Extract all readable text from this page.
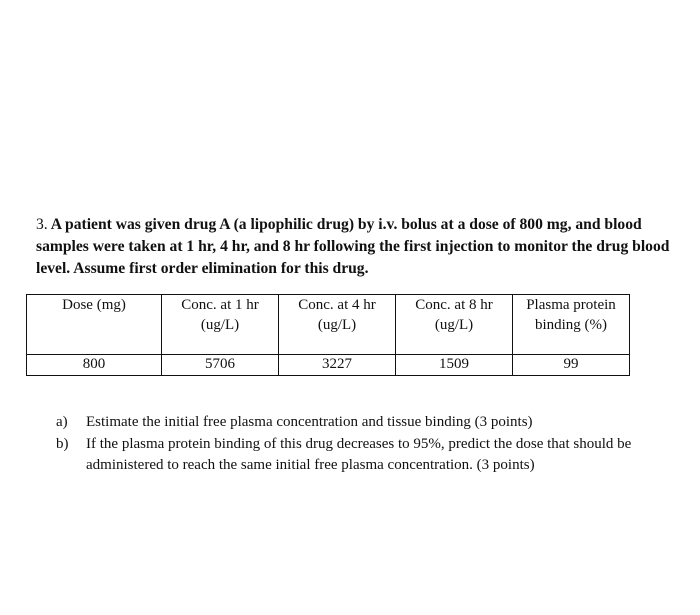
3. A patient was given drug A (a lipophilic drug) by i.v. bolus at a dose of 800 mg, and blood samples were taken at 1 hr, 4 hr, and 8 hr following the first injection to monitor the drug blood level. Assume first order elimination for this drug.
Dose (mg)	Conc. at 1 hr (ug/L)	Conc. at 4 hr (ug/L)	Conc. at 8 hr (ug/L)	Plasma protein binding (%)
800	5706	3227	1509	99
a)	Estimate the initial free plasma concentration and tissue binding (3 points)
b)	If the plasma protein binding of this drug decreases to 95%, predict the dose that should be administered to reach the same initial free plasma concentration. (3 points)
